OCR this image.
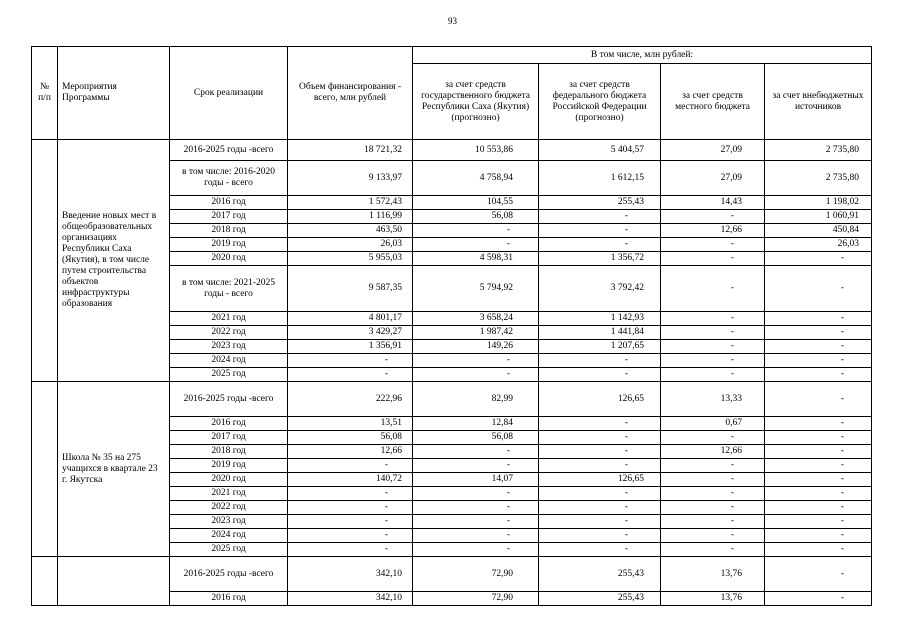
93
№ п/п	Мероприятия Программы	Срок реализации	Объем финансирования - всего, млн рублей	В том числе, млн рублей:			
				за счет средств государственного бюджета Республики Саха (Якутия) (прогнозно)	за счет средств федерального бюджета Российской Федерации (прогнозно)	за счет средств местного бюджета	за счет внебюджетных источников
	Введение новых мест в общеобразовательных организациях Республики Саха (Якутия), в том числе путем строительства объектов инфраструктуры образования	2016-2025 годы -всего	18 721,32	10 553,86	5 404,57	27,09	2 735,80
		в том числе: 2016-2020 годы - всего	9 133,97	4 758,94	1 612,15	27,09	2 735,80
		2016 год	1 572,43	104,55	255,43	14,43	1 198,02
		2017 год	1 116,99	56,08	-	-	1 060,91
		2018 год	463,50	-	-	12,66	450,84
		2019 год	26,03	-	-	-	26,03
		2020 год	5 955,03	4 598,31	1 356,72	-	-
		в том числе: 2021-2025 годы - всего	9 587,35	5 794,92	3 792,42	-	-
		2021 год	4 801,17	3 658,24	1 142,93	-	-
		2022 год	3 429,27	1 987,42	1 441,84	-	-
		2023 год	1 356,91	149,26	1 207,65	-	-
		2024 год	-	-	-	-	-
		2025 год	-	-	-	-	-
	Школа № 35 на 275 учащихся в квартале 23 г. Якутска	2016-2025 годы -всего	222,96	82,99	126,65	13,33	-
		2016 год	13,51	12,84	-	0,67	-
		2017 год	56,08	56,08	-	-	-
		2018 год	12,66	-	-	12,66	-
		2019 год	-	-	-	-	-
		2020 год	140,72	14,07	126,65	-	-
		2021 год	-	-	-	-	-
		2022 год	-	-	-	-	-
		2023 год	-	-	-	-	-
		2024 год	-	-	-	-	-
		2025 год	-	-	-	-	-
		2016-2025 годы -всего	342,10	72,90	255,43	13,76	-
		2016 год	342,10	72,90	255,43	13,76	-
